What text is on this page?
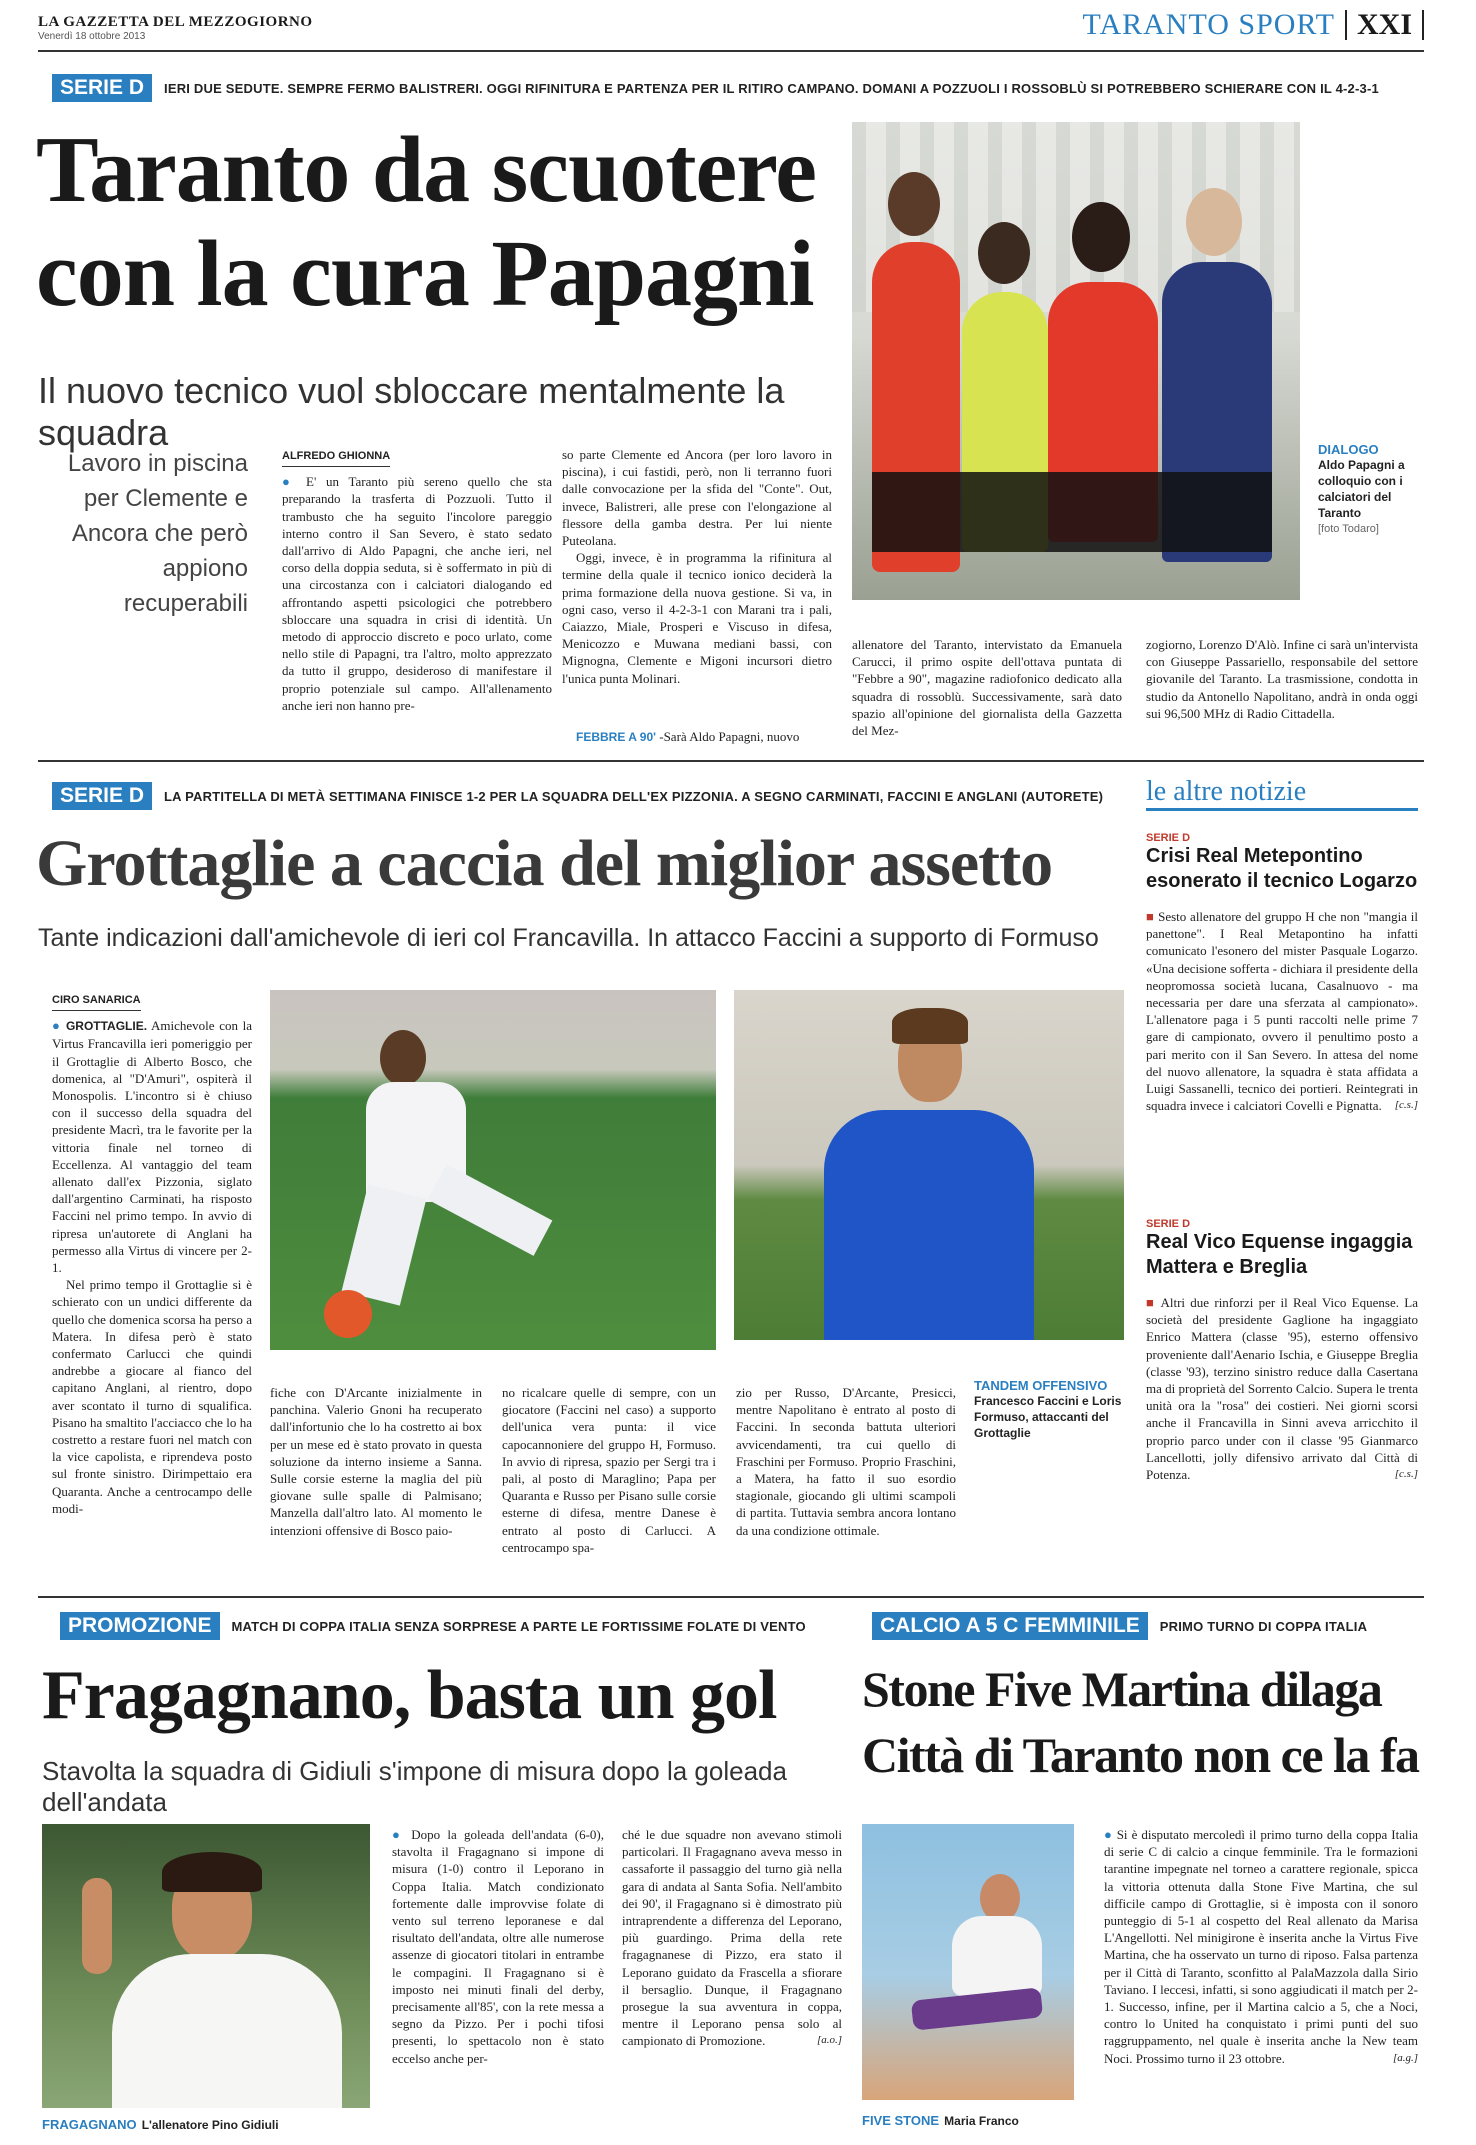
LA GAZZETTA DEL MEZZOGIORNO
Venerdì 18 ottobre 2013	TARANTO SPORT XXI
SERIE D	IERI DUE SEDUTE. SEMPRE FERMO BALISTRERI. OGGI RIFINITURA E PARTENZA PER IL RITIRO CAMPANO. DOMANI A POZZUOLI I ROSSOBLÙ SI POTREBBERO SCHIERARE CON IL 4-2-3-1
Taranto da scuotere
con la cura Papagni
Il nuovo tecnico vuol sbloccare mentalmente la squadra
Lavoro in piscina per Clemente e Ancora che però appiono recuperabili
ALFREDO GHIONNA

● E' un Taranto più sereno quello che sta preparando la trasferta di Pozzuoli. Tutto il trambusto che ha seguito l'incolore pareggio interno contro il San Severo, è stato sedato dall'arrivo di Aldo Papagni, che anche ieri, nel corso della doppia seduta, si è soffermato in più di una circostanza con i calciatori dialogando ed affrontando aspetti psicologici che potrebbero sbloccare una squadra in crisi di identità. Un metodo di approccio discreto e poco urlato, come nello stile di Papagni, tra l'altro, molto apprezzato da tutto il gruppo, desideroso di manifestare il proprio potenziale sul campo. All'allenamento anche ieri non hanno pre-

so parte Clemente ed Ancora (per loro lavoro in piscina), i cui fastidi, però, non li terranno fuori dalle convocazione per la sfida del "Conte". Out, invece, Balistreri, alle prese con l'elongazione al flessore della gamba destra. Per lui niente Puteolana.

Oggi, invece, è in programma la rifinitura al termine della quale il tecnico ionico deciderà la prima formazione della nuova gestione. Si va, in ogni caso, verso il 4-2-3-1 con Marani tra i pali, Caiazzo, Miale, Prosperi e Viscuso in difesa, Menicozzo e Muwana mediani bassi, con Mignogna, Clemente e Migoni incursori dietro l'unica punta Molinari.

FEBBRE A 90' -Sarà Aldo Papagni, nuovo
DIALOGO
Aldo Papagni a colloquio con i calciatori del Taranto
[foto Todaro]

allenatore del Taranto, intervistato da Emanuela Carucci, il primo ospite dell'ottava puntata di "Febbre a 90", magazine radiofonico dedicato alla squadra di rossoblù. Successivamente, sarà dato spazio all'opinione del giornalista della Gazzetta del Mez-

zogiorno, Lorenzo D'Alò. Infine ci sarà un'intervista con Giuseppe Passariello, responsabile del settore giovanile del Taranto. La trasmissione, condotta in studio da Antonello Napolitano, andrà in onda oggi sui 96,500 MHz di Radio Cittadella.

SERIE D	LA PARTITELLA DI METÀ SETTIMANA FINISCE 1-2 PER LA SQUADRA DELL'EX PIZZONIA. A SEGNO CARMINATI, FACCINI E ANGLANI (AUTORETE)
Grottaglie a caccia del miglior assetto
Tante indicazioni dall'amichevole di ieri col Francavilla. In attacco Faccini a supporto di Formuso
CIRO SANARICA

● GROTTAGLIE. Amichevole con la Virtus Francavilla ieri pomeriggio per il Grottaglie di Alberto Bosco, che domenica, al "D'Amuri", ospiterà il Monospolis. L'incontro si è chiuso con il successo della squadra del presidente Macrì, tra le favorite per la vittoria finale nel torneo di Eccellenza. Al vantaggio del team allenato dall'ex Pizzonia, siglato dall'argentino Carminati, ha risposto Faccini nel primo tempo. In avvio di ripresa un'autorete di Anglani ha permesso alla Virtus di vincere per 2-1.

Nel primo tempo il Grottaglie si è schierato con un undici differente da quello che domenica scorsa ha perso a Matera. In difesa però è stato confermato Carlucci che quindi andrebbe a giocare al fianco del capitano Anglani, al rientro, dopo aver scontato il turno di squalifica. Pisano ha smaltito l'acciacco che lo ha costretto a restare fuori nel match con la vice capolista, e riprendeva posto sul fronte sinistro. Dirimpettaio era Quaranta. Anche a centrocampo delle modi-

TANDEM OFFENSIVO
Francesco Faccini e Loris Formuso, attaccanti del Grottaglie

fiche con D'Arcante inizialmente in panchina. Valerio Gnoni ha recuperato dall'infortunio che lo ha costretto ai box per un mese ed è stato provato in questa soluzione da interno insieme a Sanna. Sulle corsie esterne la maglia del più giovane sulle spalle di Palmisano; Manzella dall'altro lato. Al momento le intenzioni offensive di Bosco paio-

no ricalcare quelle di sempre, con un giocatore (Faccini nel caso) a supporto dell'unica vera punta: il vice capocannoniere del gruppo H, Formuso. In avvio di ripresa, spazio per Sergi tra i pali, al posto di Maraglino; Papa per Quaranta e Russo per Pisano sulle corsie esterne di difesa, mentre Danese è entrato al posto di Carlucci. A centrocampo spa-

zio per Russo, D'Arcante, Presicci, mentre Napolitano è entrato al posto di Faccini. In seconda battuta ulteriori avvicendamenti, tra cui quello di Fraschini per Formuso. Proprio Fraschini, a Matera, ha fatto il suo esordio stagionale, giocando gli ultimi scampoli di partita. Tuttavia sembra ancora lontano da una condizione ottimale.

le altre notizie
SERIE D
Crisi Real Metepontino esonerato il tecnico Logarzo

■ Sesto allenatore del gruppo H che non "mangia il panettone". I Real Metapontino ha infatti comunicato l'esonero del mister Pasquale Logarzo. «Una decisione sofferta - dichiara il presidente della neopromossa società lucana, Casalnuovo - ma necessaria per dare una sferzata al campionato». L'allenatore paga i 5 punti raccolti nelle prime 7 gare di campionato, ovvero il penultimo posto a pari merito con il San Severo. In attesa del nome del nuovo allenatore, la squadra è stata affidata a Luigi Sassanelli, tecnico dei portieri. Reintegrati in squadra invece i calciatori Covelli e Pignatta. [c.s.]

SERIE D
Real Vico Equense ingaggia Mattera e Breglia

■ Altri due rinforzi per il Real Vico Equense. La società del presidente Gaglione ha ingaggiato Enrico Mattera (classe '95), esterno offensivo proveniente dall'Aenario Ischia, e Giuseppe Breglia (classe '93), terzino sinistro reduce dalla Casertana ma di proprietà del Sorrento Calcio. Supera le trenta unità ora la "rosa" dei costieri. Nei giorni scorsi anche il Francavilla in Sinni aveva arricchito il proprio parco under con il classe '95 Gianmarco Lancellotti, jolly difensivo arrivato dal Città di Potenza.	[c.s.]

PROMOZIONE	MATCH DI COPPA ITALIA SENZA SORPRESE A PARTE LE FORTISSIME FOLATE DI VENTO
Fragagnano, basta un gol
Stavolta la squadra di Gidiuli s'impone di misura dopo la goleada dell'andata
FRAGAGNANO L'allenatore Pino Gidiuli

● Dopo la goleada dell'andata (6-0), stavolta il Fragagnano si impone di misura (1-0) contro il Leporano in Coppa Italia. Match condizionato fortemente dalle improvvise folate di vento sul terreno leporanese e dal risultato dell'andata, oltre alle numerose assenze di giocatori titolari in entrambe le compagini. Il Fragagnano si è imposto nei minuti finali del derby, precisamente all'85', con la rete messa a segno da Pizzo. Per i pochi tifosi presenti, lo spettacolo non è stato eccelso anche per-

ché le due squadre non avevano stimoli particolari. Il Fragagnano aveva messo in cassaforte il passaggio del turno già nella gara di andata al Santa Sofia. Nell'ambito dei 90', il Fragagnano si è dimostrato più intraprendente a differenza del Leporano, più guardingo. Prima della rete fragagnanese di Pizzo, era stato il Leporano guidato da Frascella a sfiorare il bersaglio. Dunque, il Fragagnano prosegue la sua avventura in coppa, mentre il Leporano pensa solo al campionato di Promozione.	[a.o.]

CALCIO A 5 C FEMMINILE	PRIMO TURNO DI COPPA ITALIA
Stone Five Martina dilaga
Città di Taranto non ce la fa
FIVE STONE Maria Franco

● Si è disputato mercoledì il primo turno della coppa Italia di serie C di calcio a cinque femminile. Tra le formazioni tarantine impegnate nel torneo a carattere regionale, spicca la vittoria ottenuta dalla Stone Five Martina, che sul difficile campo di Grottaglie, si è imposta con il sonoro punteggio di 5-1 al cospetto del Real allenato da Marisa L'Angellotti. Nel minigirone è inserita anche la Virtus Five Martina, che ha osservato un turno di riposo. Falsa partenza per il Città di Taranto, sconfitto al PalaMazzola dalla Sirio Taviano. I leccesi, infatti, si sono aggiudicati il match per 2-1. Successo, infine, per il Martina calcio a 5, che a Noci, contro lo United ha conquistato i primi punti del suo raggruppamento, nel quale è inserita anche la New team Noci. Prossimo turno il 23 ottobre.	[a.g.]
